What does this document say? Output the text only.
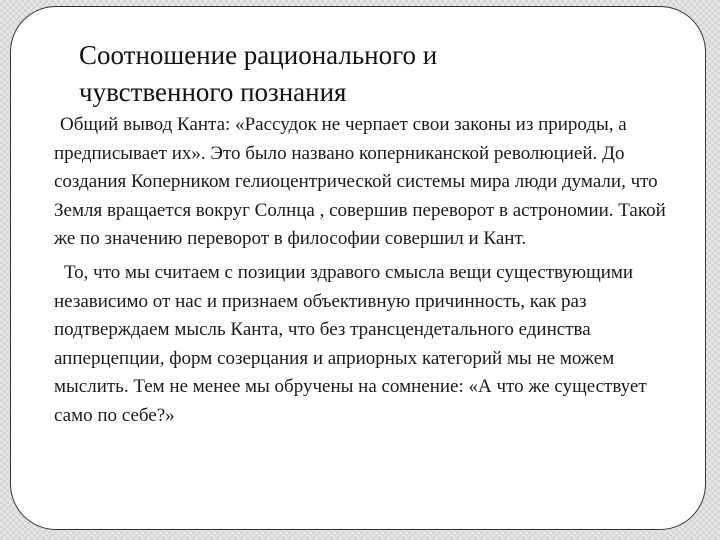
Соотношение рационального и
чувственного познания

Общий вывод Канта: «Рассудок не черпает свои законы из природы, а предписывает их». Это было названо коперниканской революцией. До создания Коперником гелиоцентрической системы мира люди думали, что Земля вращается вокруг Солнца , совершив переворот в астрономии. Такой же по значению переворот в философии совершил и Кант.

То, что мы считаем с позиции здравого смысла вещи существующими независимо от нас и признаем объективную причинность, как раз подтверждаем мысль Канта, что без трансцендетального единства апперцепции, форм созерцания и априорных категорий мы не можем мыслить. Тем не менее мы обручены на сомнение: «А что же существует само по себе?»
